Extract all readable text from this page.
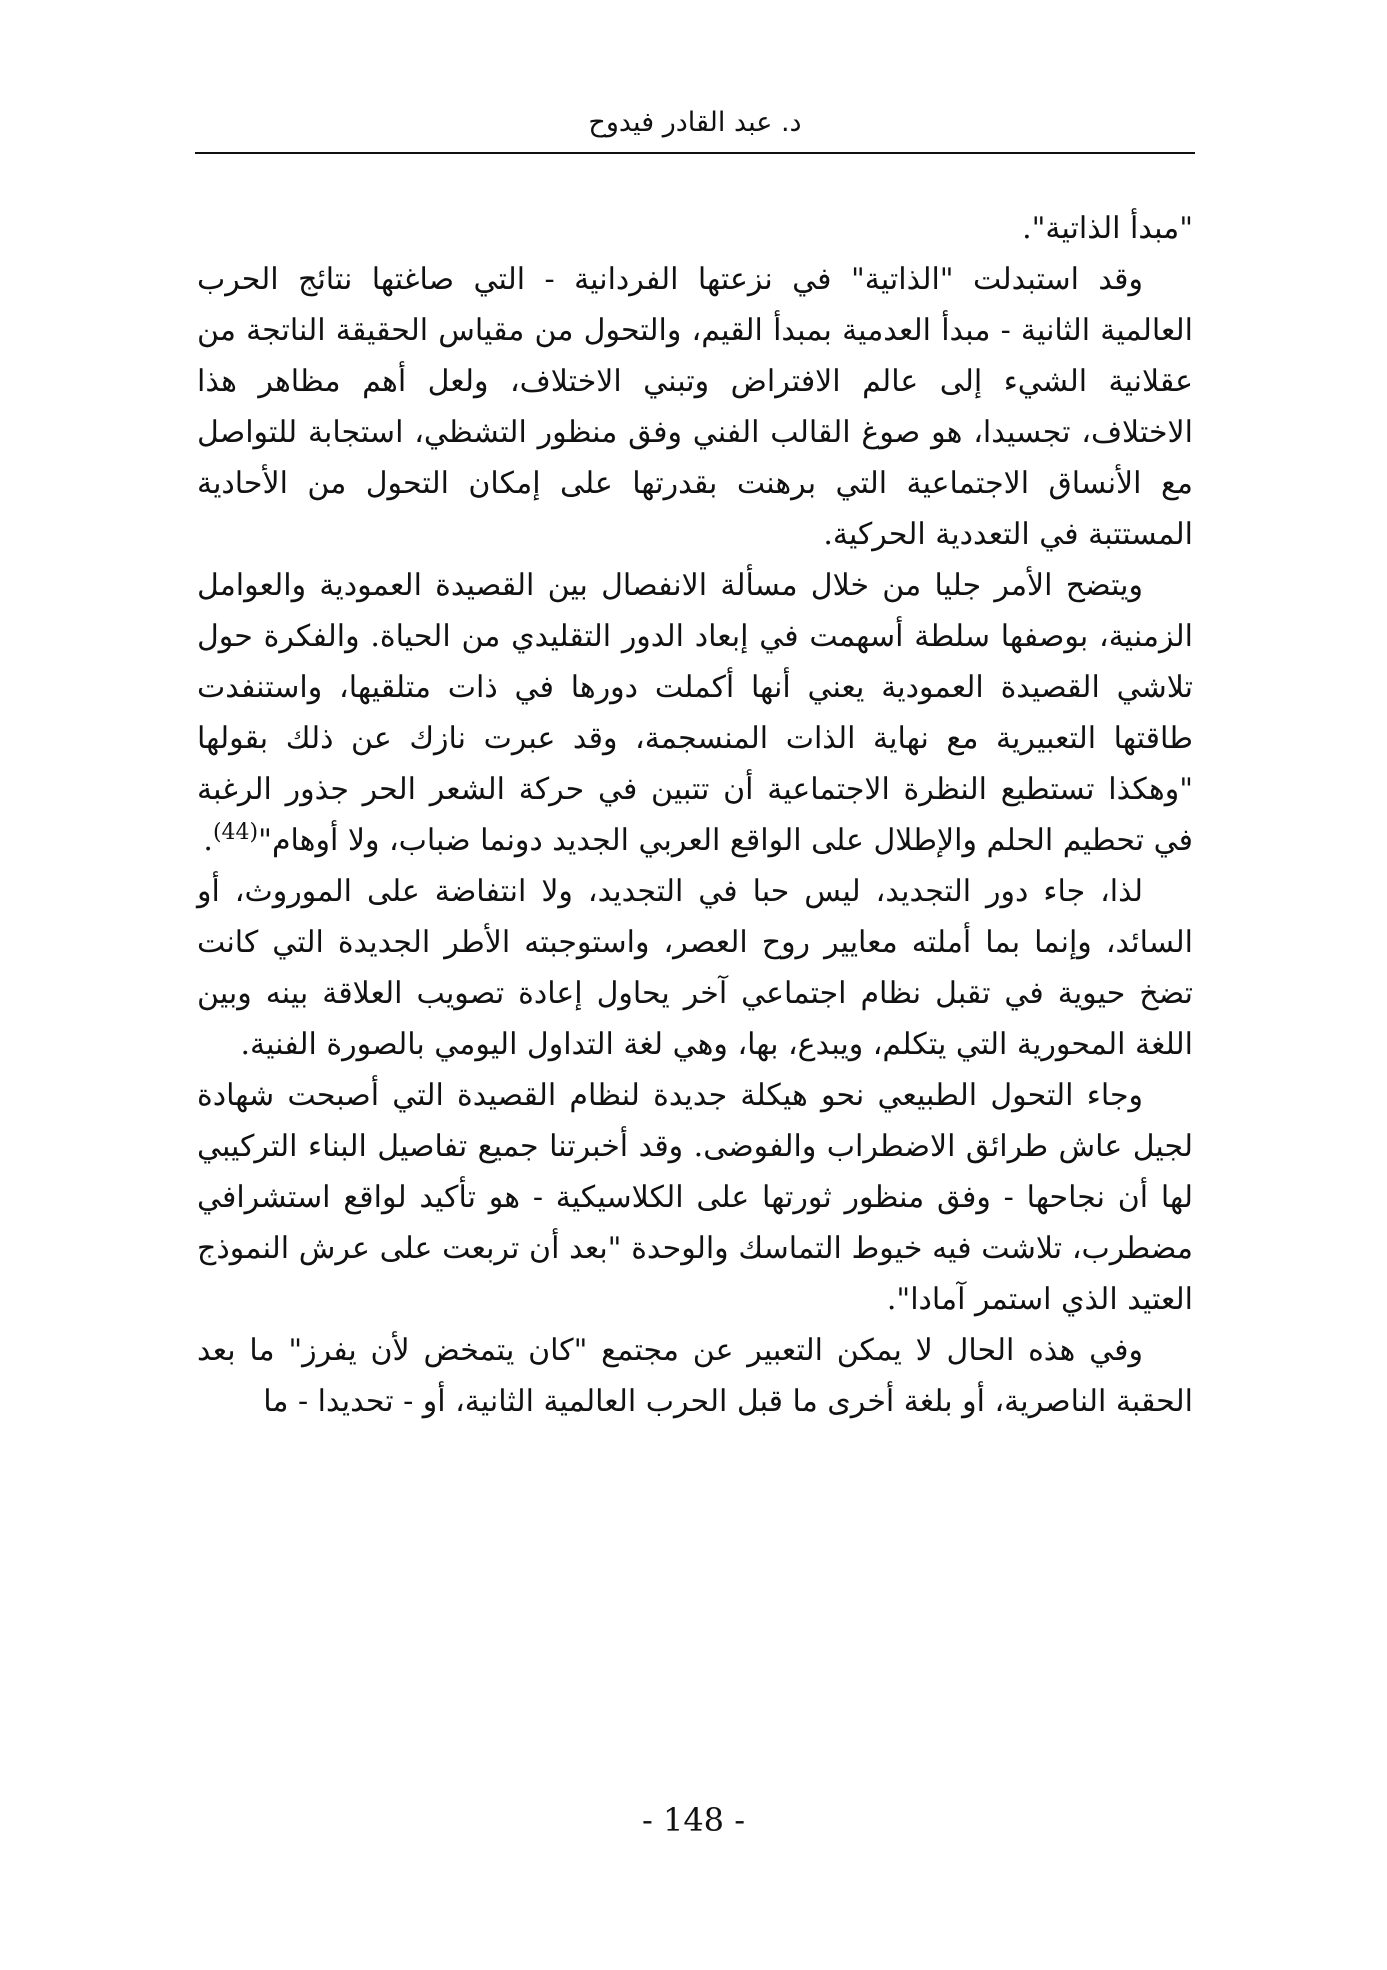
د. عبد القادر فيدوح

"مبدأ الذاتية".

وقد استبدلت "الذاتية" في نزعتها الفردانية - التي صاغتها نتائج الحرب العالمية الثانية - مبدأ العدمية بمبدأ القيم، والتحول من مقياس الحقيقة الناتجة من عقلانية الشيء إلى عالم الافتراض وتبني الاختلاف، ولعل أهم مظاهر هذا الاختلاف، تجسيدا، هو صوغ القالب الفني وفق منظور التشظي، استجابة للتواصل مع الأنساق الاجتماعية التي برهنت بقدرتها على إمكان التحول من الأحادية المستتبة في التعددية الحركية.

ويتضح الأمر جليا من خلال مسألة الانفصال بين القصيدة العمودية والعوامل الزمنية، بوصفها سلطة أسهمت في إبعاد الدور التقليدي من الحياة. والفكرة حول تلاشي القصيدة العمودية يعني أنها أكملت دورها في ذات متلقيها، واستنفدت طاقتها التعبيرية مع نهاية الذات المنسجمة، وقد عبرت نازك عن ذلك بقولها "وهكذا تستطيع النظرة الاجتماعية أن تتبين في حركة الشعر الحر جذور الرغبة في تحطيم الحلم والإطلال على الواقع العربي الجديد دونما ضباب، ولا أوهام"$^{(44)}$.

لذا، جاء دور التجديد، ليس حبا في التجديد، ولا انتفاضة على الموروث، أو السائد، وإنما بما أملته معايير روح العصر، واستوجبته الأطر الجديدة التي كانت تضخ حيوية في تقبل نظام اجتماعي آخر يحاول إعادة تصويب العلاقة بينه وبين اللغة المحورية التي يتكلم، ويبدع، بها، وهي لغة التداول اليومي بالصورة الفنية.

وجاء التحول الطبيعي نحو هيكلة جديدة لنظام القصيدة التي أصبحت شهادة لجيل عاش طرائق الاضطراب والفوضى. وقد أخبرتنا جميع تفاصيل البناء التركيبي لها أن نجاحها - وفق منظور ثورتها على الكلاسيكية - هو تأكيد لواقع استشرافي مضطرب، تلاشت فيه خيوط التماسك والوحدة "بعد أن تربعت على عرش النموذج العتيد الذي استمر آمادا".

وفي هذه الحال لا يمكن التعبير عن مجتمع "كان يتمخض لأن يفرز" ما بعد الحقبة الناصرية، أو بلغة أخرى ما قبل الحرب العالمية الثانية، أو - تحديدا - ما

- 148 -
